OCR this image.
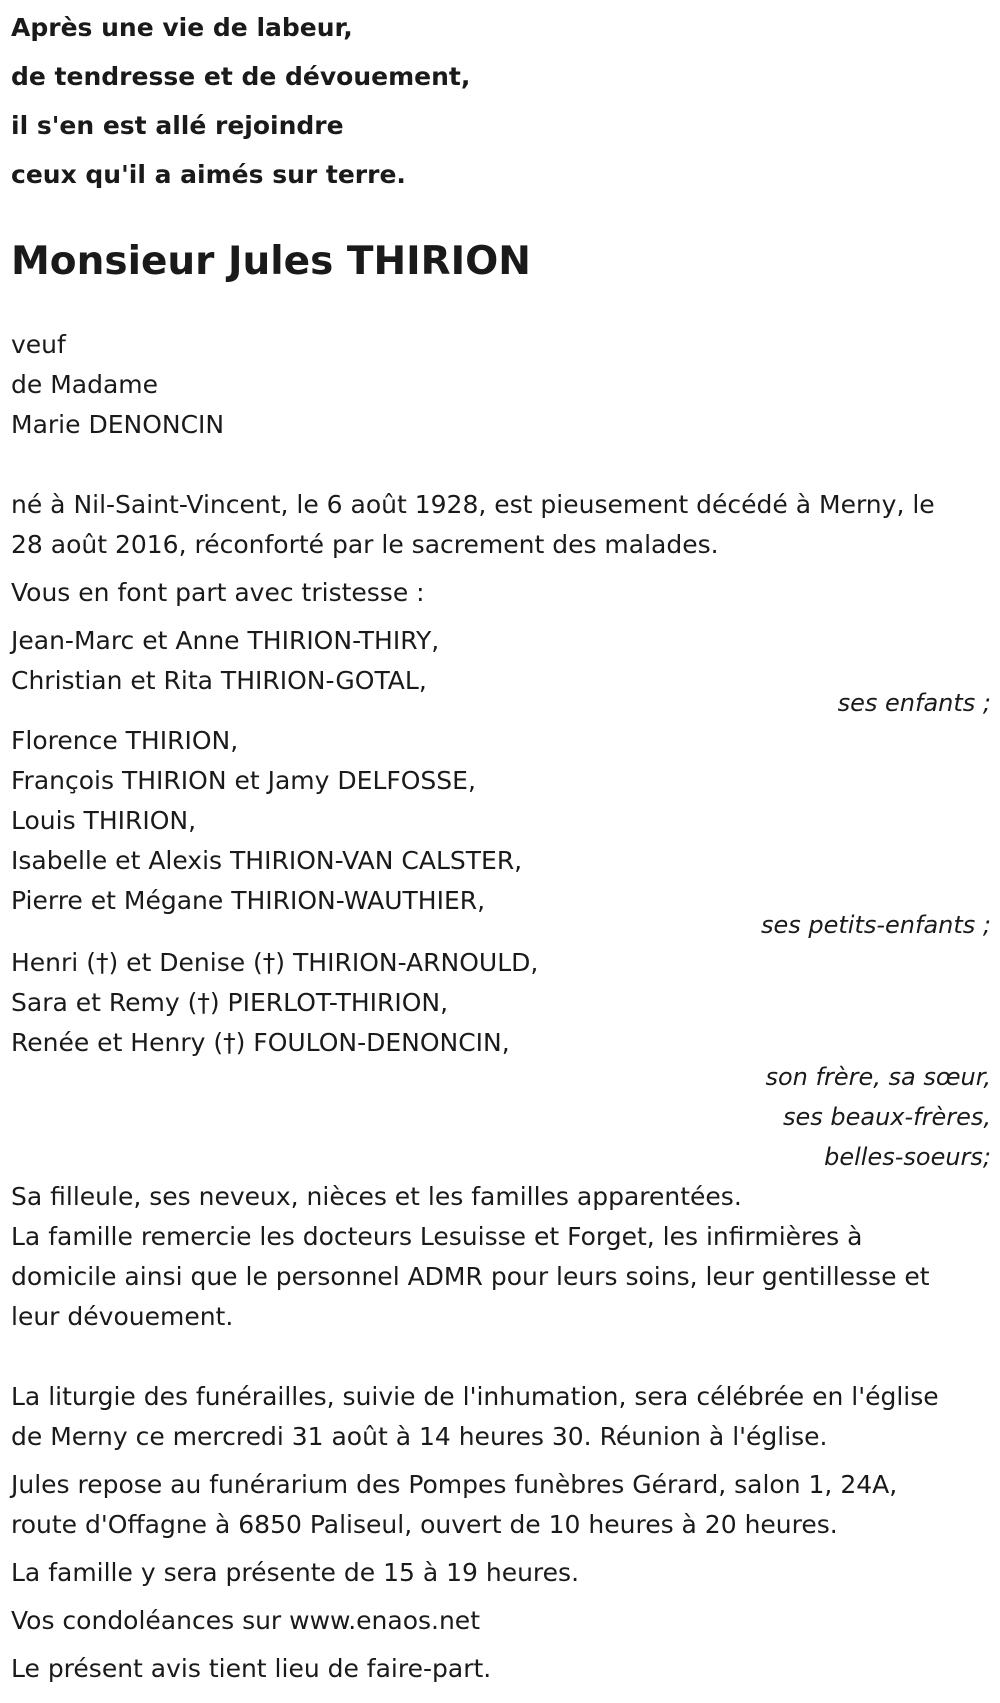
Après une vie de labeur,
de tendresse et de dévouement,
il s'en est allé rejoindre
ceux qu'il a aimés sur terre.
Monsieur Jules THIRION
veuf
de Madame
Marie DENONCIN
né à Nil-Saint-Vincent, le 6 août 1928, est pieusement décédé à Merny, le
28 août 2016, réconforté par le sacrement des malades.
Vous en font part avec tristesse :
Jean-Marc et Anne THIRION-THIRY,
Christian et Rita THIRION-GOTAL,
ses enfants ;
Florence THIRION,
François THIRION et Jamy DELFOSSE,
Louis THIRION,
Isabelle et Alexis THIRION-VAN CALSTER,
Pierre et Mégane THIRION-WAUTHIER,
ses petits-enfants ;
Henri (†) et Denise (†) THIRION-ARNOULD,
Sara et Remy (†) PIERLOT-THIRION,
Renée et Henry (†) FOULON-DENONCIN,
son frère, sa sœur,
ses beaux-frères,
belles-soeurs;
Sa filleule, ses neveux, nièces et les familles apparentées.
La famille remercie les docteurs Lesuisse et Forget, les infirmières à
domicile ainsi que le personnel ADMR pour leurs soins, leur gentillesse et
leur dévouement.
La liturgie des funérailles, suivie de l'inhumation, sera célébrée en l'église
de Merny ce mercredi 31 août à 14 heures 30. Réunion à l'église.
Jules repose au funérarium des Pompes funèbres Gérard, salon 1, 24A,
route d'Offagne à 6850 Paliseul, ouvert de 10 heures à 20 heures.
La famille y sera présente de 15 à 19 heures.
Vos condoléances sur www.enaos.net
Le présent avis tient lieu de faire-part.
